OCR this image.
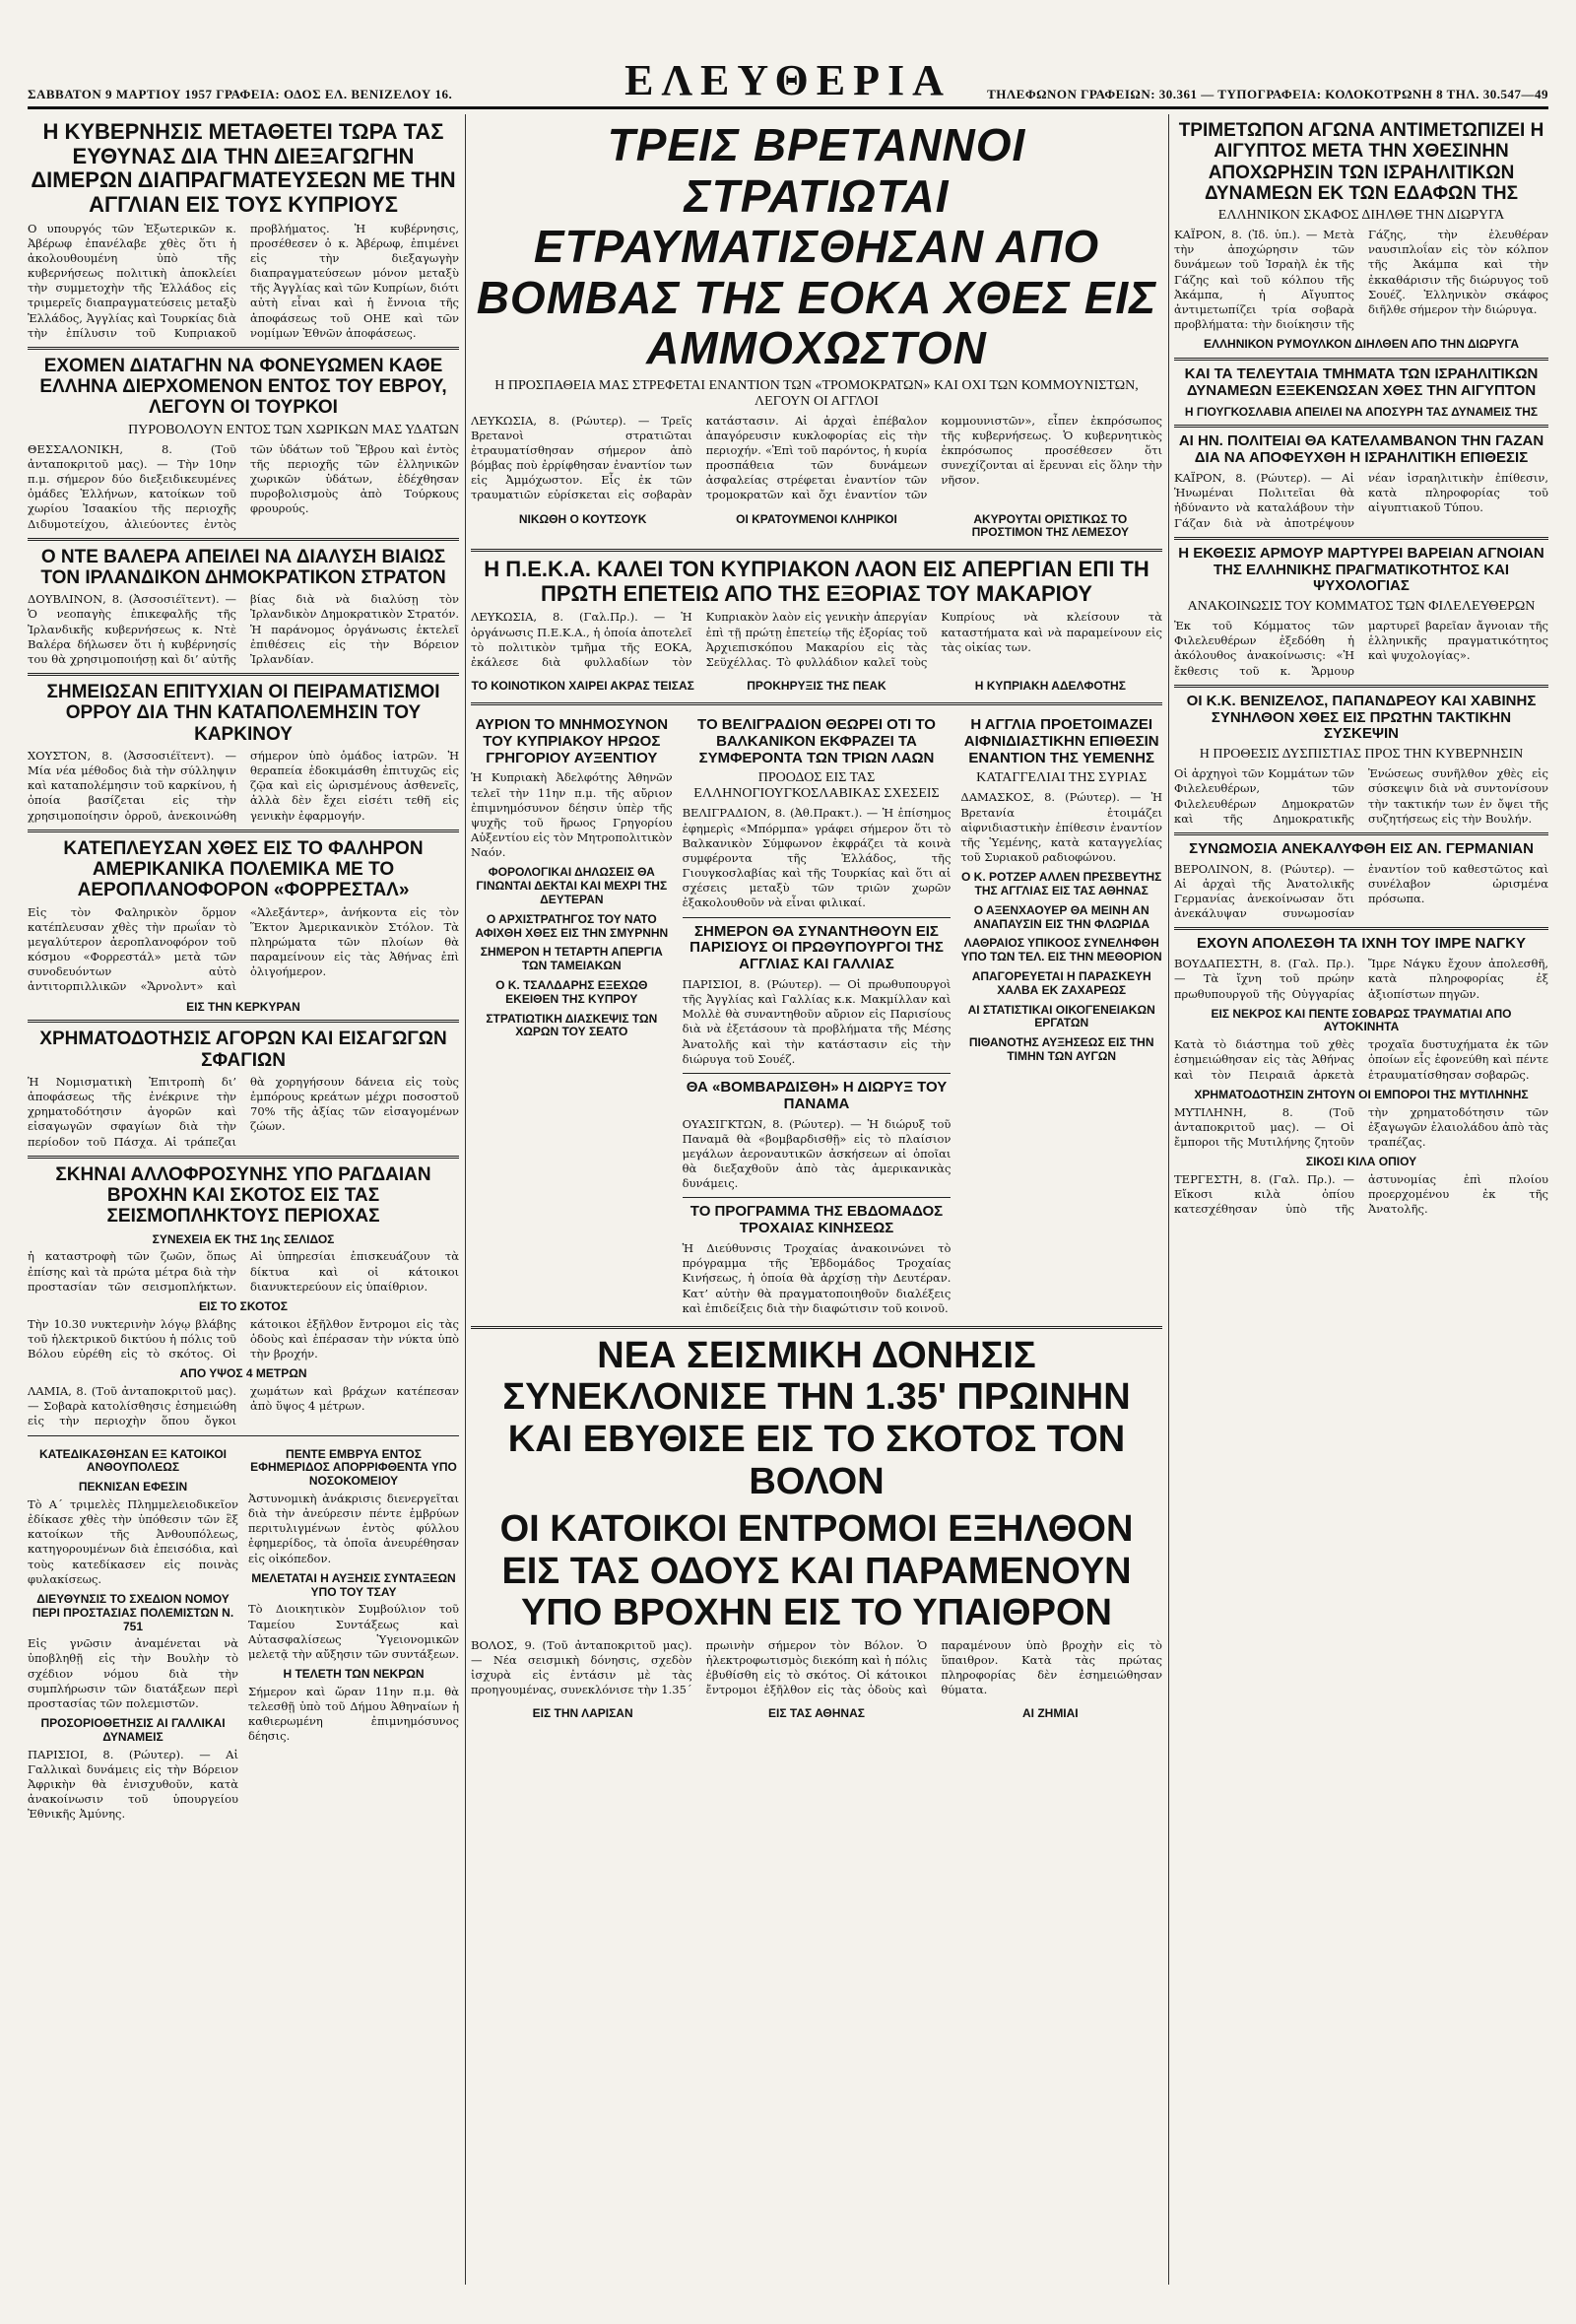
ΣΑΒΒΑΤΟΝ 9 ΜΑΡΤΙΟΥ 1957 ΓΡΑΦΕΙΑ: ΟΔΟΣ ΕΛ. ΒΕΝΙΖΕΛΟΥ 16.	ΕΛΕΥΘΕΡΙΑ	ΤΗΛΕΦΩΝΟΝ ΓΡΑΦΕΙΩΝ: 30.361 — ΤΥΠΟΓΡΑΦΕΙΑ: ΚΟΛΟΚΟΤΡΩΝΗ 8 ΤΗΛ. 30.547—49
Η ΚΥΒΕΡΝΗΣΙΣ ΜΕΤΑΘΕΤΕΙ ΤΩΡΑ ΤΑΣ ΕΥΘΥΝΑΣ ΔΙΑ ΤΗΝ ΔΙΕΞΑΓΩΓΗΝ ΔΙΜΕΡΩΝ ΔΙΑΠΡΑΓΜΑΤΕΥΣΕΩΝ ΜΕ ΤΗΝ ΑΓΓΛΙΑΝ ΕΙΣ ΤΟΥΣ ΚΥΠΡΙΟΥΣ
Ο υπουργός τῶν Ἐξωτερικῶν κ. Ἀβέρωφ ἐπανέλαβε χθὲς ὅτι ἡ ἀκολουθουμένη ὑπὸ τῆς κυβερνήσεως πολιτικὴ ἀποκλείει τὴν συμμετοχὴν τῆς Ἑλλάδος εἰς τριμερεῖς διαπραγματεύσεις μεταξὺ Ἑλλάδος, Ἀγγλίας καὶ Τουρκίας διὰ τὴν ἐπίλυσιν τοῦ Κυπριακοῦ προβλήματος. Ἡ κυβέρνησις, προσέθεσεν ὁ κ. Ἀβέρωφ, ἐπιμένει εἰς τὴν διεξαγωγὴν διαπραγματεύσεων μόνον μεταξὺ τῆς Ἀγγλίας καὶ τῶν Κυπρίων, διότι αὐτὴ εἶναι καὶ ἡ ἔννοια τῆς ἀποφάσεως τοῦ ΟΗΕ καὶ τῶν νομίμων Ἐθνῶν ἀποφάσεως.
ΕΧΟΜΕΝ ΔΙΑΤΑΓΗΝ ΝΑ ΦΟΝΕΥΩΜΕΝ ΚΑΘΕ ΕΛΛΗΝΑ ΔΙΕΡΧΟΜΕΝΟΝ ΕΝΤΟΣ ΤΟΥ ΕΒΡΟΥ, ΛΕΓΟΥΝ ΟΙ ΤΟΥΡΚΟΙ
ΠΥΡΟΒΟΛΟΥΝ ΕΝΤΟΣ ΤΩΝ ΧΩΡΙΚΩΝ ΜΑΣ ΥΔΑΤΩΝ
ΘΕΣΣΑΛΟΝΙΚΗ, 8. (Τοῦ ἀνταποκριτοῦ μας). — Τὴν 10ην π.μ. σήμερον δύο διεξειδικευμένες ὁμάδες Ἑλλήνων, κατοίκων τοῦ χωρίου Ἰσαακίου τῆς περιοχῆς Διδυμοτείχου, ἀλιεύοντες ἐντὸς τῶν ὑδάτων τοῦ Ἕβρου καὶ ἐντὸς τῆς περιοχῆς τῶν ἑλληνικῶν χωρικῶν ὑδάτων, ἐδέχθησαν πυροβολισμοὺς ἀπὸ Τούρκους φρουρούς.
Ο ΝΤΕ ΒΑΛΕΡΑ ΑΠΕΙΛΕΙ ΝΑ ΔΙΑΛΥΣΗ ΒΙΑΙΩΣ ΤΟΝ ΙΡΛΑΝΔΙΚΟΝ ΔΗΜΟΚΡΑΤΙΚΟΝ ΣΤΡΑΤΟΝ
ΔΟΥΒΛΙΝΟΝ, 8. (Ἀσσοσιέϊτεντ). — Ὁ νεοπαγὴς ἐπικεφαλῆς τῆς Ἰρλανδικῆς κυβερνήσεως κ. Ντὲ Βαλέρα δήλωσεν ὅτι ἡ κυβέρνησίς του θὰ χρησιμοποιήσῃ καὶ δι’ αὐτῆς βίας διὰ νὰ διαλύσῃ τὸν Ἰρλανδικὸν Δημοκρατικὸν Στρατόν. Ἡ παράνομος ὀργάνωσις ἐκτελεῖ ἐπιθέσεις εἰς τὴν Βόρειον Ἰρλανδίαν.
ΣΗΜΕΙΩΣΑΝ ΕΠΙΤΥΧΙΑΝ ΟΙ ΠΕΙΡΑΜΑΤΙΣΜΟΙ ΟΡΡΟΥ ΔΙΑ ΤΗΝ ΚΑΤΑΠΟΛΕΜΗΣΙΝ ΤΟΥ ΚΑΡΚΙΝΟΥ
ΧΟΥΣΤΟΝ, 8. (Ἀσσοσιέϊτεντ). — Μία νέα μέθοδος διὰ τὴν σύλληψιν καὶ καταπολέμησιν τοῦ καρκίνου, ἡ ὁποία βασίζεται εἰς τὴν χρησιμοποίησιν ὀρροῦ, ἀνεκοινώθη σήμερον ὑπὸ ὁμάδος ἰατρῶν. Ἡ θεραπεία ἐδοκιμάσθη ἐπιτυχῶς εἰς ζῷα καὶ εἰς ὡρισμένους ἀσθενεῖς, ἀλλὰ δὲν ἔχει εἰσέτι τεθῆ εἰς γενικὴν ἐφαρμογήν.
ΚΑΤΕΠΛΕΥΣΑΝ ΧΘΕΣ ΕΙΣ ΤΟ ΦΑΛΗΡΟΝ ΑΜΕΡΙΚΑΝΙΚΑ ΠΟΛΕΜΙΚΑ ΜΕ ΤΟ ΑΕΡΟΠΛΑΝΟΦΟΡΟΝ «ΦΟΡΡΕΣΤΑΛ»
Εἰς τὸν Φαληρικὸν ὅρμον κατέπλευσαν χθὲς τὴν πρωΐαν τὸ μεγαλύτερον ἀεροπλανοφόρον τοῦ κόσμου «Φορρεστάλ» μετὰ τῶν συνοδευόντων αὐτὸ ἀντιτορπιλλικῶν «Ἄρνολντ» καὶ «Ἁλεξάντερ», ἀνήκοντα εἰς τὸν Ἕκτον Ἀμερικανικὸν Στόλον. Τὰ πληρώματα τῶν πλοίων θὰ παραμείνουν εἰς τὰς Ἀθήνας ἐπὶ ὀλιγοήμερον.
ΕΙΣ ΤΗΝ ΚΕΡΚΥΡΑΝ
ΧΡΗΜΑΤΟΔΟΤΗΣΙΣ ΑΓΟΡΩΝ ΚΑΙ ΕΙΣΑΓΩΓΩΝ ΣΦΑΓΙΩΝ
Ἡ Νομισματικὴ Ἐπιτροπὴ δι’ ἀποφάσεως τῆς ἐνέκρινε τὴν χρηματοδότησιν ἀγορῶν καὶ εἰσαγωγῶν σφαγίων διὰ τὴν περίοδον τοῦ Πάσχα. Αἱ τράπεζαι θὰ χορηγήσουν δάνεια εἰς τοὺς ἐμπόρους κρεάτων μέχρι ποσοστοῦ 70% τῆς ἀξίας τῶν εἰσαγομένων ζώων.
ΣΚΗΝΑΙ ΑΛΛΟΦΡΟΣΥΝΗΣ ΥΠΟ ΡΑΓΔΑΙΑΝ ΒΡΟΧΗΝ ΚΑΙ ΣΚΟΤΟΣ ΕΙΣ ΤΑΣ ΣΕΙΣΜΟΠΛΗΚΤΟΥΣ ΠΕΡΙΟΧΑΣ
ΣΥΝΕΧΕΙΑ ΕΚ ΤΗΣ 1ης ΣΕΛΙΔΟΣ
ἡ καταστροφὴ τῶν ζωῶν, ὅπως ἐπίσης καὶ τὰ πρώτα μέτρα διὰ τὴν προστασίαν τῶν σεισμοπλήκτων. Αἱ ὑπηρεσίαι ἐπισκευάζουν τὰ δίκτυα καὶ οἱ κάτοικοι διανυκτερεύουν εἰς ὑπαίθριον.
ΕΙΣ ΤΟ ΣΚΟΤΟΣ
Τὴν 10.30 νυκτερινὴν λόγῳ βλάβης τοῦ ἠλεκτρικοῦ δικτύου ἡ πόλις τοῦ Βόλου εὑρέθη εἰς τὸ σκότος. Οἱ κάτοικοι ἐξῆλθον ἔντρομοι εἰς τὰς ὁδοὺς καὶ ἐπέρασαν τὴν νύκτα ὑπὸ τὴν βροχήν.
ΑΠΟ ΥΨΟΣ 4 ΜΕΤΡΩΝ
ΛΑΜΙΑ, 8. (Τοῦ ἀνταποκριτοῦ μας). — Σοβαρὰ κατολίσθησις ἐσημειώθη εἰς τὴν περιοχὴν ὅπου ὄγκοι χωμάτων καὶ βράχων κατέπεσαν ἀπὸ ὕψος 4 μέτρων.
ΚΑΤΕΔΙΚΑΣΘΗΣΑΝ ΕΞ ΚΑΤΟΙΚΟΙ ΑΝΘΟΥΠΟΛΕΩΣ
ΠΕΚΝΙΣΑΝ ΕΦΕΣΙΝ
Τὸ Α΄ τριμελὲς Πλημμελειοδικεῖον ἐδίκασε χθὲς τὴν ὑπόθεσιν τῶν ἓξ κατοίκων τῆς Ἀνθουπόλεως, κατηγορουμένων διὰ ἐπεισόδια, καὶ τοὺς κατεδίκασεν εἰς ποινὰς φυλακίσεως.
ΔΙΕΥΘΥΝΣΙΣ ΤΟ ΣΧΕΔΙΟΝ ΝΟΜΟΥ ΠΕΡΙ ΠΡΟΣΤΑΣΙΑΣ ΠΟΛΕΜΙΣΤΩΝ Ν. 751
Εἰς γνῶσιν ἀναμένεται νὰ ὑποβληθῇ εἰς τὴν Βουλὴν τὸ σχέδιον νόμου διὰ τὴν συμπλήρωσιν τῶν διατάξεων περὶ προστασίας τῶν πολεμιστῶν.
ΠΡΟΣΟΡΙΟΘΕΤΗΣΙΣ ΑΙ ΓΑΛΛΙΚΑΙ ΔΥΝΑΜΕΙΣ
ΠΑΡΙΣΙΟΙ, 8. (Ρώυτερ). — Αἱ Γαλλικαὶ δυνάμεις εἰς τὴν Βόρειον Ἀφρικὴν θὰ ἐνισχυθοῦν, κατὰ ἀνακοίνωσιν τοῦ ὑπουργείου Ἐθνικῆς Ἀμύνης.
ΠΕΝΤΕ ΕΜΒΡΥΑ ΕΝΤΟΣ ΕΦΗΜΕΡΙΔΟΣ ΑΠΟΡΡΙΦΘΕΝΤΑ ΥΠΟ ΝΟΣΟΚΟΜΕΙΟΥ
Ἀστυνομικὴ ἀνάκρισις διενεργεῖται διὰ τὴν ἀνεύρεσιν πέντε ἐμβρύων περιτυλιγμένων ἐντὸς φύλλου ἐφημερίδος, τὰ ὁποῖα ἀνευρέθησαν εἰς οἰκόπεδον.
ΜΕΛΕΤΑΤΑΙ Η ΑΥΞΗΣΙΣ ΣΥΝΤΑΞΕΩΝ ΥΠΟ ΤΟΥ ΤΣΑΥ
Τὸ Διοικητικὸν Συμβούλιον τοῦ Ταμείου Συντάξεως καὶ Αὐτασφαλίσεως Ὑγειονομικῶν μελετᾷ τὴν αὔξησιν τῶν συντάξεων.
Η ΤΕΛΕΤΗ ΤΩΝ ΝΕΚΡΩΝ
Σήμερον καὶ ὥραν 11ην π.μ. θὰ τελεσθῇ ὑπὸ τοῦ Δήμου Ἀθηναίων ἡ καθιερωμένη ἐπιμνημόσυνος δέησις.
ΤΡΕΙΣ ΒΡΕΤΑΝΝΟΙ ΣΤΡΑΤΙΩΤΑΙ ΕΤΡΑΥΜΑΤΙΣΘΗΣΑΝ ΑΠΟ ΒΟΜΒΑΣ ΤΗΣ ΕΟΚΑ ΧΘΕΣ ΕΙΣ ΑΜΜΟΧΩΣΤΟΝ
Η ΠΡΟΣΠΑΘΕΙΑ ΜΑΣ ΣΤΡΕΦΕΤΑΙ ΕΝΑΝΤΙΟΝ ΤΩΝ «ΤΡΟΜΟΚΡΑΤΩΝ» ΚΑΙ ΟΧΙ ΤΩΝ ΚΟΜΜΟΥΝΙΣΤΩΝ, ΛΕΓΟΥΝ ΟΙ ΑΓΓΛΟΙ
ΛΕΥΚΩΣΙΑ, 8. (Ρώυτερ). — Τρεῖς Βρετανοὶ στρατιῶται ἐτραυματίσθησαν σήμερον ἀπὸ βόμβας ποὺ ἐρρίφθησαν ἐναντίον των εἰς Ἀμμόχωστον. Εἷς ἐκ τῶν τραυματιῶν εὑρίσκεται εἰς σοβαρὰν κατάστασιν. Αἱ ἀρχαὶ ἐπέβαλον ἀπαγόρευσιν κυκλοφορίας εἰς τὴν περιοχήν. «Ἐπὶ τοῦ παρόντος, ἡ κυρία προσπάθεια τῶν δυνάμεων ἀσφαλείας στρέφεται ἐναντίον τῶν τρομοκρατῶν καὶ ὄχι ἐναντίον τῶν κομμουνιστῶν», εἶπεν ἐκπρόσωπος τῆς κυβερνήσεως. Ὁ κυβερνητικὸς ἐκπρόσωπος προσέθεσεν ὅτι συνεχίζονται αἱ ἔρευναι εἰς ὅλην τὴν νῆσον.
ΝΙΚΩΘΗ Ο ΚΟΥΤΣΟΥΚ	ΟΙ ΚΡΑΤΟΥΜΕΝΟΙ ΚΛΗΡΙΚΟΙ	ΑΚΥΡΟΥΤΑΙ ΟΡΙΣΤΙΚΩΣ ΤΟ ΠΡΟΣΤΙΜΟΝ ΤΗΣ ΛΕΜΕΣΟΥ
Η Π.Ε.Κ.Α. ΚΑΛΕΙ ΤΟΝ ΚΥΠΡΙΑΚΟΝ ΛΑΟΝ ΕΙΣ ΑΠΕΡΓΙΑΝ ΕΠΙ ΤΗ ΠΡΩΤΗ ΕΠΕΤΕΙΩ ΑΠΟ ΤΗΣ ΕΞΟΡΙΑΣ ΤΟΥ ΜΑΚΑΡΙΟΥ
ΛΕΥΚΩΣΙΑ, 8. (Γαλ.Πρ.). — Ἡ ὀργάνωσις Π.Ε.Κ.Α., ἡ ὁποία ἀποτελεῖ τὸ πολιτικὸν τμῆμα τῆς ΕΟΚΑ, ἐκάλεσε διὰ φυλλαδίων τὸν Κυπριακὸν λαὸν εἰς γενικὴν ἀπεργίαν ἐπὶ τῇ πρώτῃ ἐπετείῳ τῆς ἐξορίας τοῦ Ἀρχιεπισκόπου Μακαρίου εἰς τὰς Σεϋχέλλας. Τὸ φυλλάδιον καλεῖ τοὺς Κυπρίους νὰ κλείσουν τὰ καταστήματα καὶ νὰ παραμείνουν εἰς τὰς οἰκίας των.
ΤΟ ΚΟΙΝΟΤΙΚΟΝ ΧΑΙΡΕΙ ΑΚΡΑΣ ΤΕΙΣΑΣ	ΠΡΟΚΗΡΥΞΙΣ ΤΗΣ ΠΕΑΚ	Η ΚΥΠΡΙΑΚΗ ΑΔΕΛΦΟΤΗΣ
ΑΥΡΙΟΝ ΤΟ ΜΝΗΜΟΣΥΝΟΝ ΤΟΥ ΚΥΠΡΙΑΚΟΥ ΗΡΩΟΣ ΓΡΗΓΟΡΙΟΥ ΑΥΞΕΝΤΙΟΥ
Ἡ Κυπριακὴ Ἀδελφότης Ἀθηνῶν τελεῖ τὴν 11ην π.μ. τῆς αὔριον ἐπιμνημόσυνον δέησιν ὑπὲρ τῆς ψυχῆς τοῦ ἥρωος Γρηγορίου Αὐξεντίου εἰς τὸν Μητροπολιτικὸν Ναόν.
ΦΟΡΟΛΟΓΙΚΑΙ ΔΗΛΩΣΕΙΣ ΘΑ ΓΙΝΩΝΤΑΙ ΔΕΚΤΑΙ ΚΑΙ ΜΕΧΡΙ ΤΗΣ ΔΕΥΤΕΡΑΝ
Ο ΑΡΧΙΣΤΡΑΤΗΓΟΣ ΤΟΥ ΝΑΤΟ ΑΦΙΧΘΗ ΧΘΕΣ ΕΙΣ ΤΗΝ ΣΜΥΡΝΗΝ
ΣΗΜΕΡΟΝ Η ΤΕΤΑΡΤΗ ΑΠΕΡΓΙΑ ΤΩΝ ΤΑΜΕΙΑΚΩΝ
Ο Κ. ΤΣΑΛΔΑΡΗΣ ΕΞΕΧΩΘ ΕΚΕΙΘΕΝ ΤΗΣ ΚΥΠΡΟΥ
ΣΤΡΑΤΙΩΤΙΚΗ ΔΙΑΣΚΕΨΙΣ ΤΩΝ ΧΩΡΩΝ ΤΟΥ ΣΕΑΤΟ
ΤΟ ΒΕΛΙΓΡΑΔΙΟΝ ΘΕΩΡΕΙ ΟΤΙ ΤΟ ΒΑΛΚΑΝΙΚΟΝ ΕΚΦΡΑΖΕΙ ΤΑ ΣΥΜΦΕΡΟΝΤΑ ΤΩΝ ΤΡΙΩΝ ΛΑΩΝ
ΠΡΟΟΔΟΣ ΕΙΣ ΤΑΣ ΕΛΛΗΝΟΓΙΟΥΓΚΟΣΛΑΒΙΚΑΣ ΣΧΕΣΕΙΣ
ΒΕΛΙΓΡΑΔΙΟΝ, 8. (Ἀθ.Πρακτ.). — Ἡ ἐπίσημος ἐφημερὶς «Μπόρμπα» γράφει σήμερον ὅτι τὸ Βαλκανικὸν Σύμφωνον ἐκφράζει τὰ κοινὰ συμφέροντα τῆς Ἑλλάδος, τῆς Γιουγκοσλαβίας καὶ τῆς Τουρκίας καὶ ὅτι αἱ σχέσεις μεταξὺ τῶν τριῶν χωρῶν ἐξακολουθοῦν νὰ εἶναι φιλικαί.
ΣΗΜΕΡΟΝ ΘΑ ΣΥΝΑΝΤΗΘΟΥΝ ΕΙΣ ΠΑΡΙΣΙΟΥΣ ΟΙ ΠΡΩΘΥΠΟΥΡΓΟΙ ΤΗΣ ΑΓΓΛΙΑΣ ΚΑΙ ΓΑΛΛΙΑΣ
ΠΑΡΙΣΙΟΙ, 8. (Ρώυτερ). — Οἱ πρωθυπουργοὶ τῆς Ἀγγλίας καὶ Γαλλίας κ.κ. Μακμίλλαν καὶ Μολλὲ θὰ συναντηθοῦν αὔριον εἰς Παρισίους διὰ νὰ ἐξετάσουν τὰ προβλήματα τῆς Μέσης Ἀνατολῆς καὶ τὴν κατάστασιν εἰς τὴν διώρυγα τοῦ Σουέζ.
ΘΑ «ΒΟΜΒΑΡΔΙΣΘΗ» Η ΔΙΩΡΥΞ ΤΟΥ ΠΑΝΑΜΑ
ΟΥΑΣΙΓΚΤΩΝ, 8. (Ρώυτερ). — Ἡ διώρυξ τοῦ Παναμᾶ θὰ «βομβαρδισθῇ» εἰς τὸ πλαίσιον μεγάλων ἀεροναυτικῶν ἀσκήσεων αἱ ὁποῖαι θὰ διεξαχθοῦν ἀπὸ τὰς ἀμερικανικὰς δυνάμεις.
ΤΟ ΠΡΟΓΡΑΜΜΑ ΤΗΣ ΕΒΔΟΜΑΔΟΣ ΤΡΟΧΑΙΑΣ ΚΙΝΗΣΕΩΣ
Ἡ Διεύθυνσις Τροχαίας ἀνακοινώνει τὸ πρόγραμμα τῆς Ἑβδομάδος Τροχαίας Κινήσεως, ἡ ὁποία θὰ ἀρχίσῃ τὴν Δευτέραν. Κατ’ αὐτὴν θὰ πραγματοποιηθοῦν διαλέξεις καὶ ἐπιδείξεις διὰ τὴν διαφώτισιν τοῦ κοινοῦ.
Η ΑΓΓΛΙΑ ΠΡΟΕΤΟΙΜΑΖΕΙ ΑΙΦΝΙΔΙΑΣΤΙΚΗΝ ΕΠΙΘΕΣΙΝ ΕΝΑΝΤΙΟΝ ΤΗΣ ΥΕΜΕΝΗΣ
ΚΑΤΑΓΓΕΛΙΑΙ ΤΗΣ ΣΥΡΙΑΣ
ΔΑΜΑΣΚΟΣ, 8. (Ρώυτερ). — Ἡ Βρετανία ἑτοιμάζει αἰφνιδιαστικὴν ἐπίθεσιν ἐναντίον τῆς Ὑεμένης, κατὰ καταγγελίας τοῦ Συριακοῦ ραδιοφώνου.
Ο Κ. ΡΟΤΖΕΡ ΑΛΛΕΝ ΠΡΕΣΒΕΥΤΗΣ ΤΗΣ ΑΓΓΛΙΑΣ ΕΙΣ ΤΑΣ ΑΘΗΝΑΣ
Ο ΑΞΕΝΧΑΟΥΕΡ ΘΑ ΜΕΙΝΗ ΑΝ ΑΝΑΠΑΥΣΙΝ ΕΙΣ ΤΗΝ ΦΛΩΡΙΔΑ
ΛΑΘΡΑΙΟΣ ΥΠΙΚΟΟΣ ΣΥΝΕΛΗΦΘΗ ΥΠΟ ΤΩΝ ΤΕΛ. ΕΙΣ ΤΗΝ ΜΕΘΟΡΙΟΝ
ΑΠΑΓΟΡΕΥΕΤΑΙ Η ΠΑΡΑΣΚΕΥΗ ΧΑΛΒΑ ΕΚ ΖΑΧΑΡΕΩΣ
ΑΙ ΣΤΑΤΙΣΤΙΚΑΙ ΟΙΚΟΓΕΝΕΙΑΚΩΝ ΕΡΓΑΤΩΝ
ΠΙΘΑΝΟΤΗΣ ΑΥΞΗΣΕΩΣ ΕΙΣ ΤΗΝ ΤΙΜΗΝ ΤΩΝ ΑΥΓΩΝ
ΝΕΑ ΣΕΙΣΜΙΚΗ ΔΟΝΗΣΙΣ ΣΥΝΕΚΛΟΝΙΣΕ ΤΗΝ 1.35' ΠΡΩΙΝΗΝ ΚΑΙ ΕΒΥΘΙΣΕ ΕΙΣ ΤΟ ΣΚΟΤΟΣ ΤΟΝ ΒΟΛΟΝ
ΟΙ ΚΑΤΟΙΚΟΙ ΕΝΤΡΟΜΟΙ ΕΞΗΛΘΟΝ ΕΙΣ ΤΑΣ ΟΔΟΥΣ ΚΑΙ ΠΑΡΑΜΕΝΟΥΝ ΥΠΟ ΒΡΟΧΗΝ ΕΙΣ ΤΟ ΥΠΑΙΘΡΟΝ
ΒΟΛΟΣ, 9. (Τοῦ ἀνταποκριτοῦ μας). — Νέα σεισμικὴ δόνησις, σχεδὸν ἰσχυρὰ εἰς ἐντάσιν μὲ τὰς προηγουμένας, συνεκλόνισε τὴν 1.35΄ πρωινὴν σήμερον τὸν Βόλον. Ὁ ἠλεκτροφωτισμὸς διεκόπη καὶ ἡ πόλις ἐβυθίσθη εἰς τὸ σκότος. Οἱ κάτοικοι ἔντρομοι ἐξῆλθον εἰς τὰς ὁδοὺς καὶ παραμένουν ὑπὸ βροχὴν εἰς τὸ ὕπαιθρον. Κατὰ τὰς πρώτας πληροφορίας δὲν ἐσημειώθησαν θύματα.
ΕΙΣ ΤΗΝ ΛΑΡΙΣΑΝ	ΕΙΣ ΤΑΣ ΑΘΗΝΑΣ	ΑΙ ΖΗΜΙΑΙ
ΤΡΙΜΕΤΩΠΟΝ ΑΓΩΝΑ ΑΝΤΙΜΕΤΩΠΙΖΕΙ Η ΑΙΓΥΠΤΟΣ ΜΕΤΑ ΤΗΝ ΧΘΕΣΙΝΗΝ ΑΠΟΧΩΡΗΣΙΝ ΤΩΝ ΙΣΡΑΗΛΙΤΙΚΩΝ ΔΥΝΑΜΕΩΝ ΕΚ ΤΩΝ ΕΔΑΦΩΝ ΤΗΣ
ΕΛΛΗΝΙΚΟΝ ΣΚΑΦΟΣ ΔΙΗΛΘΕ ΤΗΝ ΔΙΩΡΥΓΑ
ΚΑΪΡΟΝ, 8. (Ἰδ. ὑπ.). — Μετὰ τὴν ἀποχώρησιν τῶν δυνάμεων τοῦ Ἰσραὴλ ἐκ τῆς Γάζης καὶ τοῦ κόλπου τῆς Ἀκάμπα, ἡ Αἴγυπτος ἀντιμετωπίζει τρία σοβαρὰ προβλήματα: τὴν διοίκησιν τῆς Γάζης, τὴν ἐλευθέραν ναυσιπλοΐαν εἰς τὸν κόλπον τῆς Ἀκάμπα καὶ τὴν ἐκκαθάρισιν τῆς διώρυγος τοῦ Σουέζ. Ἑλληνικὸν σκάφος διῆλθε σήμερον τὴν διώρυγα.
ΕΛΛΗΝΙΚΟΝ ΡΥΜΟΥΛΚΟΝ ΔΙΗΛΘΕΝ ΑΠΟ ΤΗΝ ΔΙΩΡΥΓΑ
ΚΑΙ ΤΑ ΤΕΛΕΥΤΑΙΑ ΤΜΗΜΑΤΑ ΤΩΝ ΙΣΡΑΗΛΙΤΙΚΩΝ ΔΥΝΑΜΕΩΝ ΕΞΕΚΕΝΩΣΑΝ ΧΘΕΣ ΤΗΝ ΑΙΓΥΠΤΟΝ
Η ΓΙΟΥΓΚΟΣΛΑΒΙΑ ΑΠΕΙΛΕΙ ΝΑ ΑΠΟΣΥΡΗ ΤΑΣ ΔΥΝΑΜΕΙΣ ΤΗΣ
ΑΙ ΗΝ. ΠΟΛΙΤΕΙΑΙ ΘΑ ΚΑΤΕΛΑΜΒΑΝΟΝ ΤΗΝ ΓΑΖΑΝ ΔΙΑ ΝΑ ΑΠΟΦΕΥΧΘΗ Η ΙΣΡΑΗΛΙΤΙΚΗ ΕΠΙΘΕΣΙΣ
ΚΑΪΡΟΝ, 8. (Ρώυτερ). — Αἱ Ἡνωμέναι Πολιτεῖαι θὰ ἠδύναντο νὰ καταλάβουν τὴν Γάζαν διὰ νὰ ἀποτρέψουν νέαν ἰσραηλιτικὴν ἐπίθεσιν, κατὰ πληροφορίας τοῦ αἰγυπτιακοῦ Τύπου.
Η ΕΚΘΕΣΙΣ ΑΡΜΟΥΡ ΜΑΡΤΥΡΕΙ ΒΑΡΕΙΑΝ ΑΓΝΟΙΑΝ ΤΗΣ ΕΛΛΗΝΙΚΗΣ ΠΡΑΓΜΑΤΙΚΟΤΗΤΟΣ ΚΑΙ ΨΥΧΟΛΟΓΙΑΣ
ΑΝΑΚΟΙΝΩΣΙΣ ΤΟΥ ΚΟΜΜΑΤΟΣ ΤΩΝ ΦΙΛΕΛΕΥΘΕΡΩΝ
Ἐκ τοῦ Κόμματος τῶν Φιλελευθέρων ἐξεδόθη ἡ ἀκόλουθος ἀνακοίνωσις: «Ἡ ἔκθεσις τοῦ κ. Ἄρμουρ μαρτυρεῖ βαρεῖαν ἄγνοιαν τῆς ἑλληνικῆς πραγματικότητος καὶ ψυχολογίας».
ΟΙ Κ.Κ. ΒΕΝΙΖΕΛΟΣ, ΠΑΠΑΝΔΡΕΟΥ ΚΑΙ ΧΑΒΙΝΗΣ ΣΥΝΗΛΘΟΝ ΧΘΕΣ ΕΙΣ ΠΡΩΤΗΝ ΤΑΚΤΙΚΗΝ ΣΥΣΚΕΨΙΝ
Η ΠΡΟΘΕΣΙΣ ΔΥΣΠΙΣΤΙΑΣ ΠΡΟΣ ΤΗΝ ΚΥΒΕΡΝΗΣΙΝ
Οἱ ἀρχηγοὶ τῶν Κομμάτων τῶν Φιλελευθέρων, τῶν Φιλελευθέρων Δημοκρατῶν καὶ τῆς Δημοκρατικῆς Ἐνώσεως συνῆλθον χθὲς εἰς σύσκεψιν διὰ νὰ συντονίσουν τὴν τακτικήν των ἐν ὄψει τῆς συζητήσεως εἰς τὴν Βουλήν.
ΣΥΝΩΜΟΣΙΑ ΑΝΕΚΑΛΥΦΘΗ ΕΙΣ ΑΝ. ΓΕΡΜΑΝΙΑΝ
ΒΕΡΟΛΙΝΟΝ, 8. (Ρώυτερ). — Αἱ ἀρχαὶ τῆς Ἀνατολικῆς Γερμανίας ἀνεκοίνωσαν ὅτι ἀνεκάλυψαν συνωμοσίαν ἐναντίον τοῦ καθεστῶτος καὶ συνέλαβον ὡρισμένα πρόσωπα.
ΕΧΟΥΝ ΑΠΟΛΕΣΘΗ ΤΑ ΙΧΝΗ ΤΟΥ ΙΜΡΕ ΝΑΓΚΥ
ΒΟΥΔΑΠΕΣΤΗ, 8. (Γαλ. Πρ.). — Τὰ ἴχνη τοῦ πρώην πρωθυπουργοῦ τῆς Οὑγγαρίας Ἴμρε Νάγκυ ἔχουν ἀπολεσθῆ, κατὰ πληροφορίας ἐξ ἀξιοπίστων πηγῶν.
ΕΙΣ ΝΕΚΡΟΣ ΚΑΙ ΠΕΝΤΕ ΣΟΒΑΡΩΣ ΤΡΑΥΜΑΤΙΑΙ ΑΠΟ ΑΥΤΟΚΙΝΗΤΑ
Κατὰ τὸ διάστημα τοῦ χθὲς ἐσημειώθησαν εἰς τὰς Ἀθήνας καὶ τὸν Πειραιᾶ ἀρκετὰ τροχαῖα δυστυχήματα ἐκ τῶν ὁποίων εἷς ἐφονεύθη καὶ πέντε ἐτραυματίσθησαν σοβαρῶς.
ΧΡΗΜΑΤΟΔΟΤΗΣΙΝ ΖΗΤΟΥΝ ΟΙ ΕΜΠΟΡΟΙ ΤΗΣ ΜΥΤΙΛΗΝΗΣ
ΜΥΤΙΛΗΝΗ, 8. (Τοῦ ἀνταποκριτοῦ μας). — Οἱ ἔμποροι τῆς Μυτιλήνης ζητοῦν τὴν χρηματοδότησιν τῶν ἐξαγωγῶν ἐλαιολάδου ἀπὸ τὰς τραπέζας.
ΣΙΚΟΣΙ ΚΙΛΑ ΟΠΙΟΥ
ΤΕΡΓΕΣΤΗ, 8. (Γαλ. Πρ.). — Εἴκοσι κιλὰ ὀπίου κατεσχέθησαν ὑπὸ τῆς ἀστυνομίας ἐπὶ πλοίου προερχομένου ἐκ τῆς Ἀνατολῆς.
